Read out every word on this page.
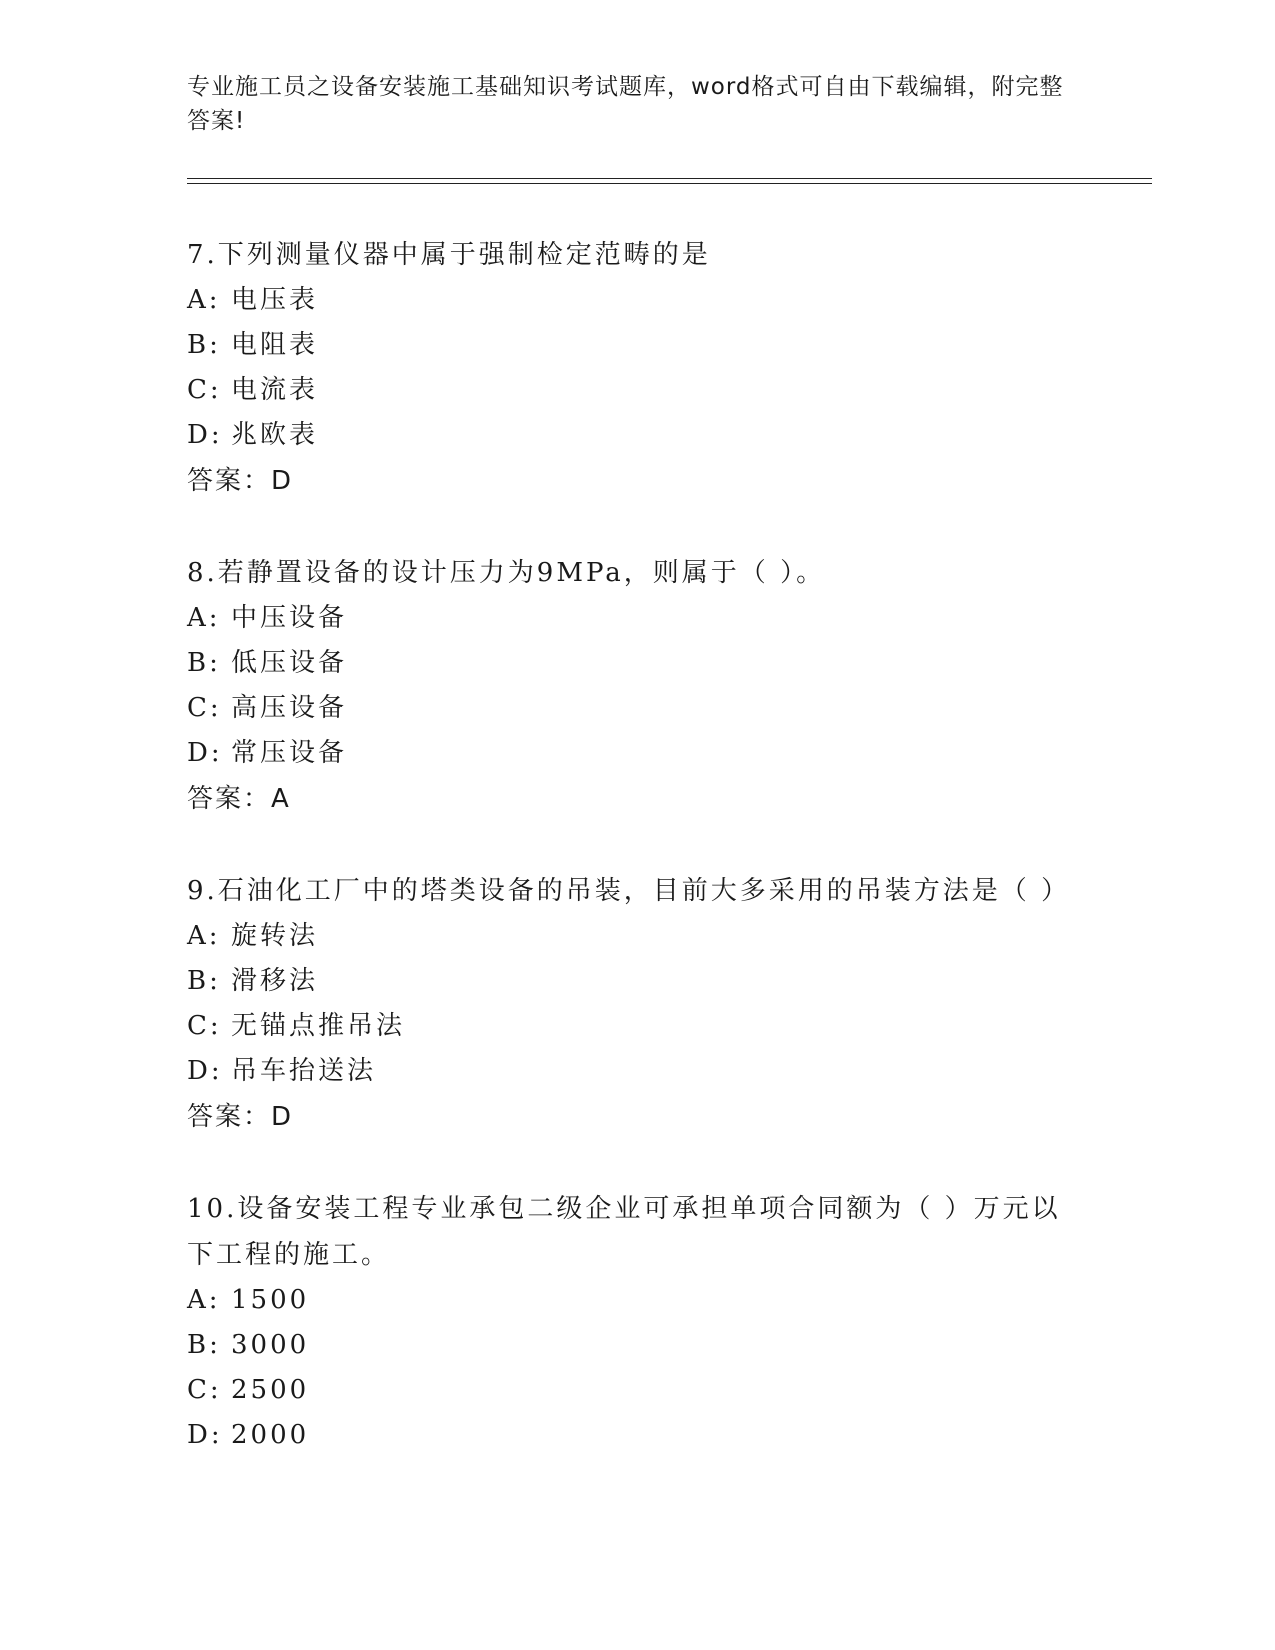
专业施工员之设备安装施工基础知识考试题库，word格式可自由下载编辑，附完整答案!

7.下列测量仪器中属于强制检定范畴的是

A: 电压表

B: 电阻表

C: 电流表

D: 兆欧表

答案：D

8.若静置设备的设计压力为9MPa，则属于（ ）。

A: 中压设备

B: 低压设备

C: 高压设备

D: 常压设备

答案：A

9.石油化工厂中的塔类设备的吊装，目前大多采用的吊装方法是（ ）

A: 旋转法

B: 滑移法

C: 无锚点推吊法

D: 吊车抬送法

答案：D

10.设备安装工程专业承包二级企业可承担单项合同额为（ ）万元以下工程的施工。

A: 1500

B: 3000

C: 2500

D: 2000
